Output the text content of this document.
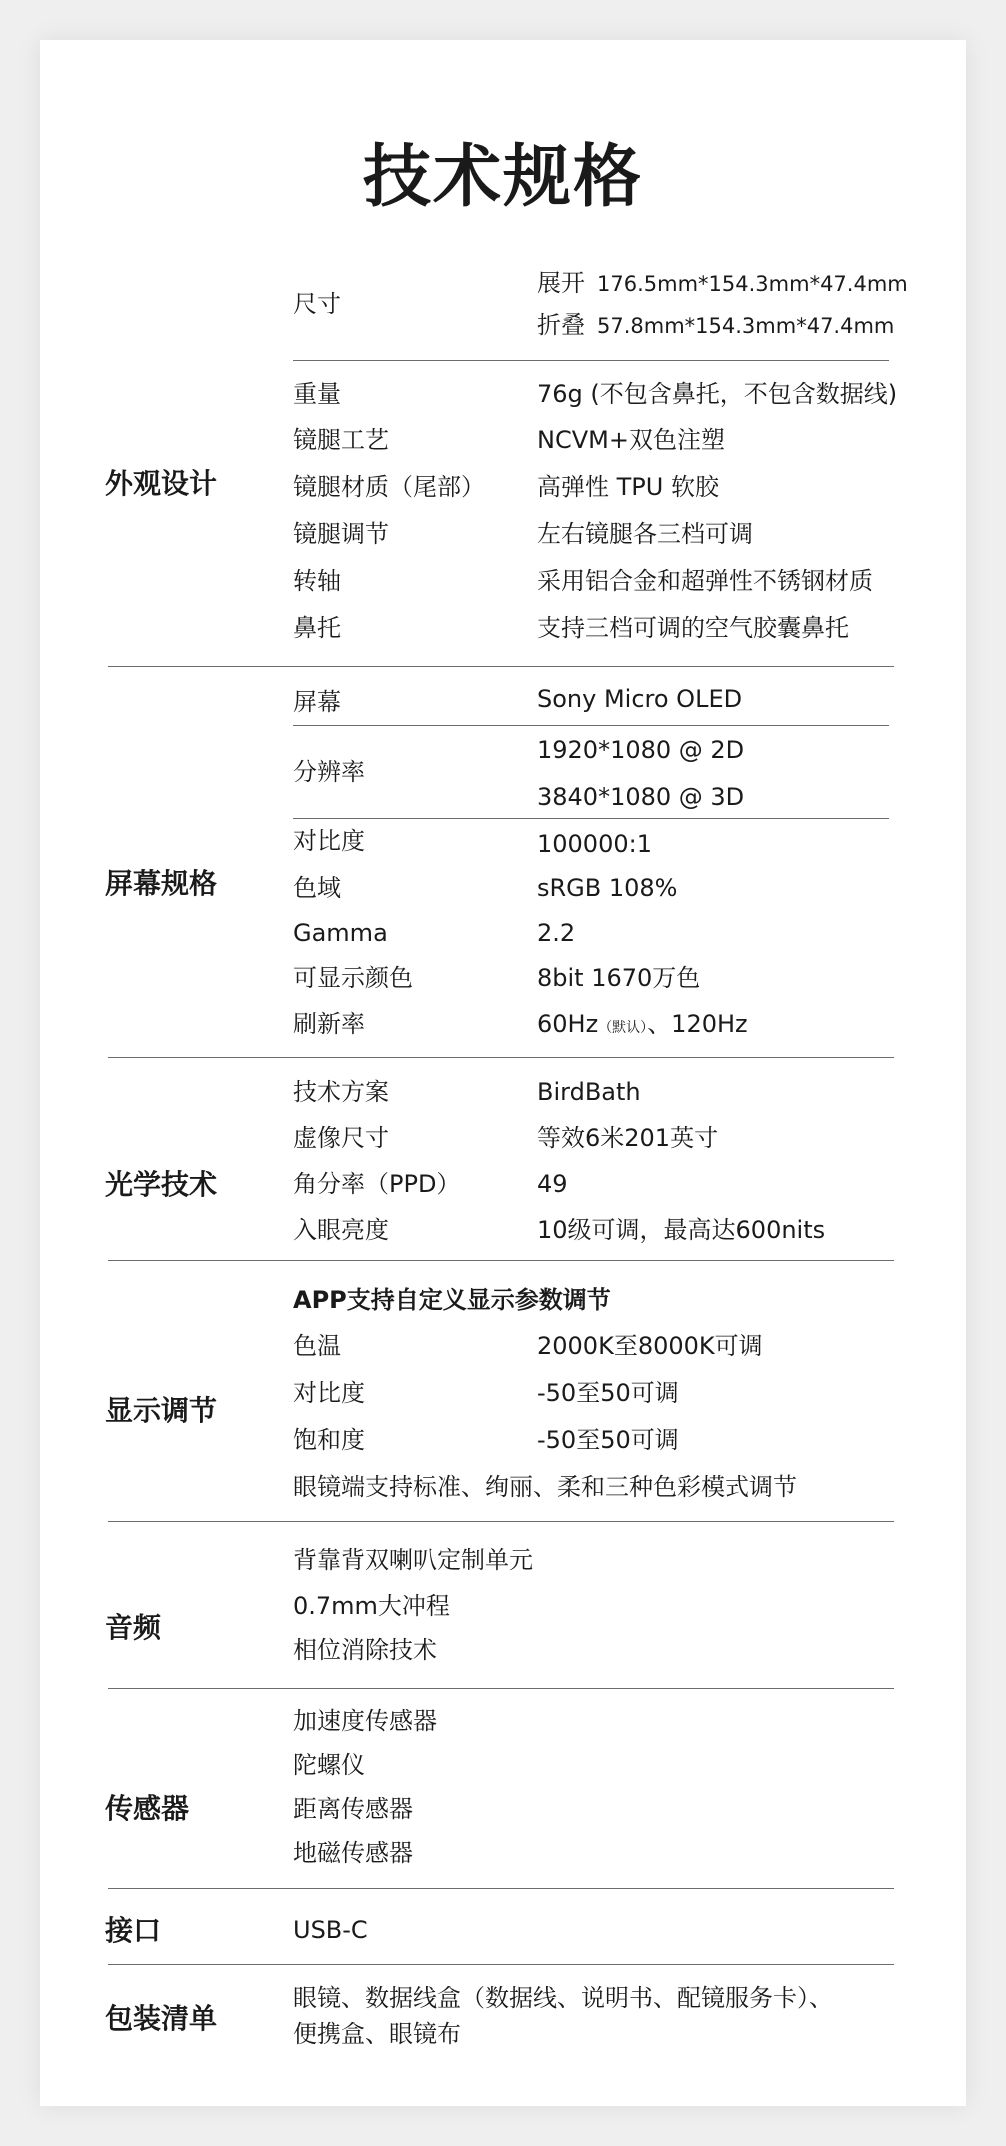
技术规格
外观设计
尺寸
展开 176.5mm*154.3mm*47.4mm
折叠 57.8mm*154.3mm*47.4mm
重量	76g (不包含鼻托，不包含数据线)
镜腿工艺	NCVM+双色注塑
镜腿材质（尾部） 高弹性 TPU 软胶
镜腿调节	左右镜腿各三档可调
转轴	采用铝合金和超弹性不锈钢材质
鼻托	支持三档可调的空气胶囊鼻托
屏幕规格
屏幕	Sony Micro OLED
分辨率
1920*1080 @ 2D
3840*1080 @ 3D
对比度	100000:1
色域	sRGB 108%
Gamma	2.2
可显示颜色	8bit 1670万色
刷新率	60Hz（默认）、120Hz
光学技术
技术方案	BirdBath
虚像尺寸	等效6米201英寸
角分率（PPD）	49
入眼亮度	10级可调，最高达600nits
显示调节
APP支持自定义显示参数调节
色温	2000K至8000K可调
对比度	-50至50可调
饱和度	-50至50可调
眼镜端支持标准、绚丽、柔和三种色彩模式调节
音频
背靠背双喇叭定制单元
0.7mm大冲程
相位消除技术
传感器
加速度传感器
陀螺仪
距离传感器
地磁传感器
接口	USB-C
包装清单
眼镜、数据线盒（数据线、说明书、配镜服务卡）、
便携盒、眼镜布
